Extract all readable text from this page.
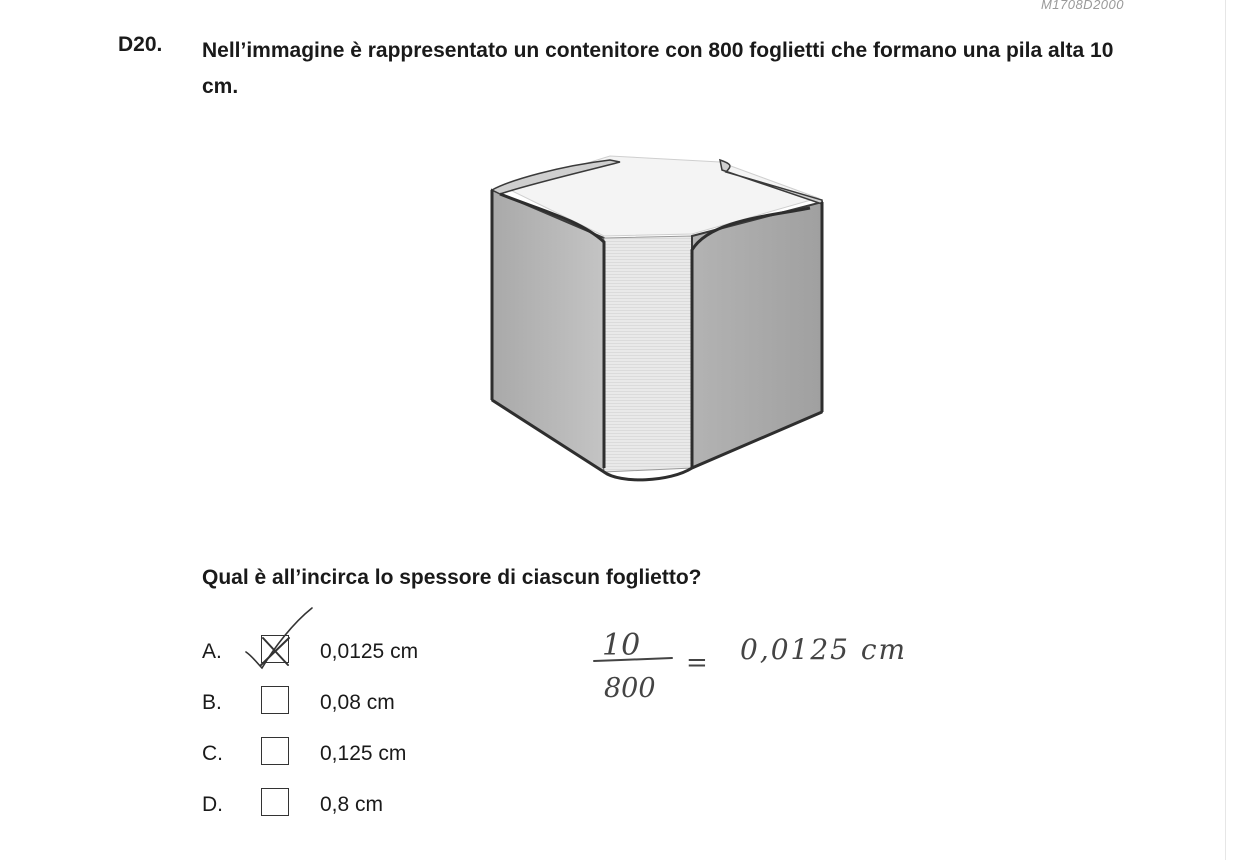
M1708D2000
D20. Nell’immagine è rappresentato un contenitore con 800 foglietti che formano una pila alta 10 cm.
Qual è all’incirca lo spessore di ciascun foglietto?
A.	0,0125 cm
B.	0,08 cm
C.	0,125 cm
D.	0,8 cm
10
800
= 0,0125 cm
